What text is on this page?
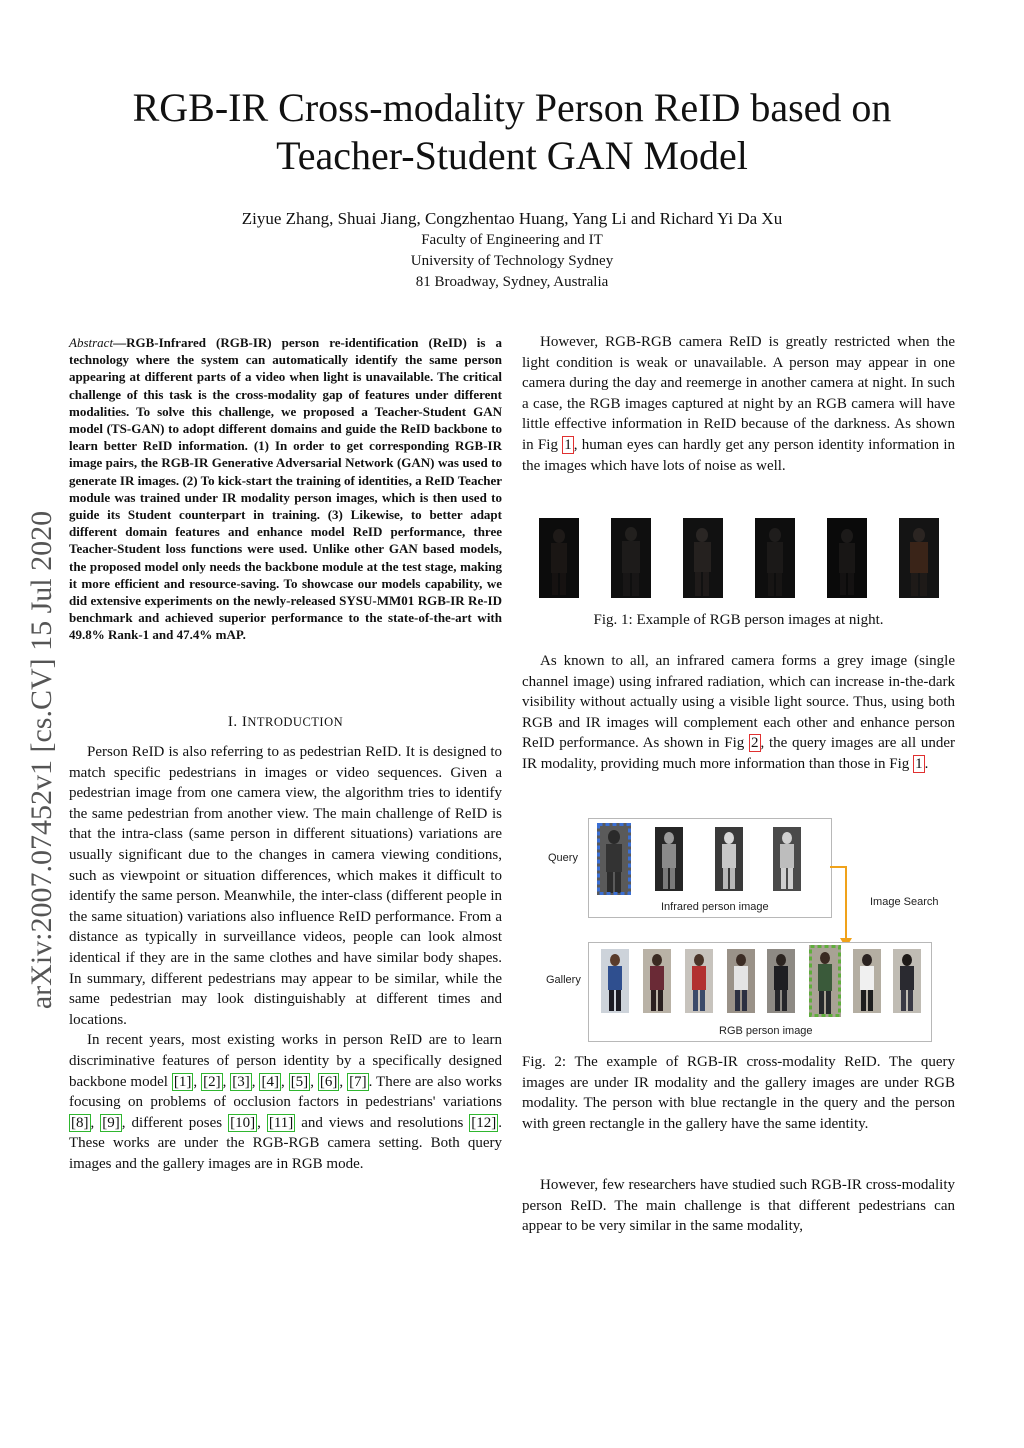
arXiv:2007.07452v1 [cs.CV] 15 Jul 2020
RGB-IR Cross-modality Person ReID based on Teacher-Student GAN Model
Ziyue Zhang, Shuai Jiang, Congzhentao Huang, Yang Li and Richard Yi Da Xu
Faculty of Engineering and IT
University of Technology Sydney
81 Broadway, Sydney, Australia
Abstract—RGB-Infrared (RGB-IR) person re-identification (ReID) is a technology where the system can automatically identify the same person appearing at different parts of a video when light is unavailable. The critical challenge of this task is the cross-modality gap of features under different modalities. To solve this challenge, we proposed a Teacher-Student GAN model (TS-GAN) to adopt different domains and guide the ReID backbone to learn better ReID information. (1) In order to get corresponding RGB-IR image pairs, the RGB-IR Generative Adversarial Network (GAN) was used to generate IR images. (2) To kick-start the training of identities, a ReID Teacher module was trained under IR modality person images, which is then used to guide its Student counterpart in training. (3) Likewise, to better adapt different domain features and enhance model ReID performance, three Teacher-Student loss functions were used. Unlike other GAN based models, the proposed model only needs the backbone module at the test stage, making it more efficient and resource-saving. To showcase our models capability, we did extensive experiments on the newly-released SYSU-MM01 RGB-IR Re-ID benchmark and achieved superior performance to the state-of-the-art with 49.8% Rank-1 and 47.4% mAP.
I. INTRODUCTION

Person ReID is also referring to as pedestrian ReID. It is designed to match specific pedestrians in images or video sequences. Given a pedestrian image from one camera view, the algorithm tries to identify the same pedestrian from another view. The main challenge of ReID is that the intra-class (same person in different situations) variations are usually significant due to the changes in camera viewing conditions, such as viewpoint or situation differences, which makes it difficult to identify the same person. Meanwhile, the inter-class (different people in the same situation) variations also influence ReID performance. From a distance as typically in surveillance videos, people can look almost identical if they are in the same clothes and have similar body shapes. In summary, different pedestrians may appear to be similar, while the same pedestrian may look distinguishably at different times and locations.

In recent years, most existing works in person ReID are to learn discriminative features of person identity by a specifically designed backbone model [1] , [2] , [3] , [4] , [5] , [6] , [7] . There are also works focusing on problems of occlusion factors in pedestrians' variations [8] , [9] , different poses [10] , [11] and views and resolutions [12] . These works are under the RGB-RGB camera setting. Both query images and the gallery images are in RGB mode.

However, RGB-RGB camera ReID is greatly restricted when the light condition is weak or unavailable. A person may appear in one camera during the day and reemerge in another camera at night. In such a case, the RGB images captured at night by an RGB camera will have little effective information in ReID because of the darkness. As shown in Fig 1 , human eyes can hardly get any person identity information in the images which have lots of noise as well.

Fig. 1: Example of RGB person images at night.

As known to all, an infrared camera forms a grey image (single channel image) using infrared radiation, which can increase in-the-dark visibility without actually using a visible light source. Thus, using both RGB and IR images will complement each other and enhance person ReID performance. As shown in Fig 2 , the query images are all under IR modality, providing much more information than those in Fig 1 .

Query
Infrared person image	Image Search
Gallery
RGB person image
Fig. 2: The example of RGB-IR cross-modality ReID. The query images are under IR modality and the gallery images are under RGB modality. The person with blue rectangle in the query and the person with green rectangle in the gallery have the same identity.

However, few researchers have studied such RGB-IR cross-modality person ReID. The main challenge is that different pedestrians can appear to be very similar in the same modality,
